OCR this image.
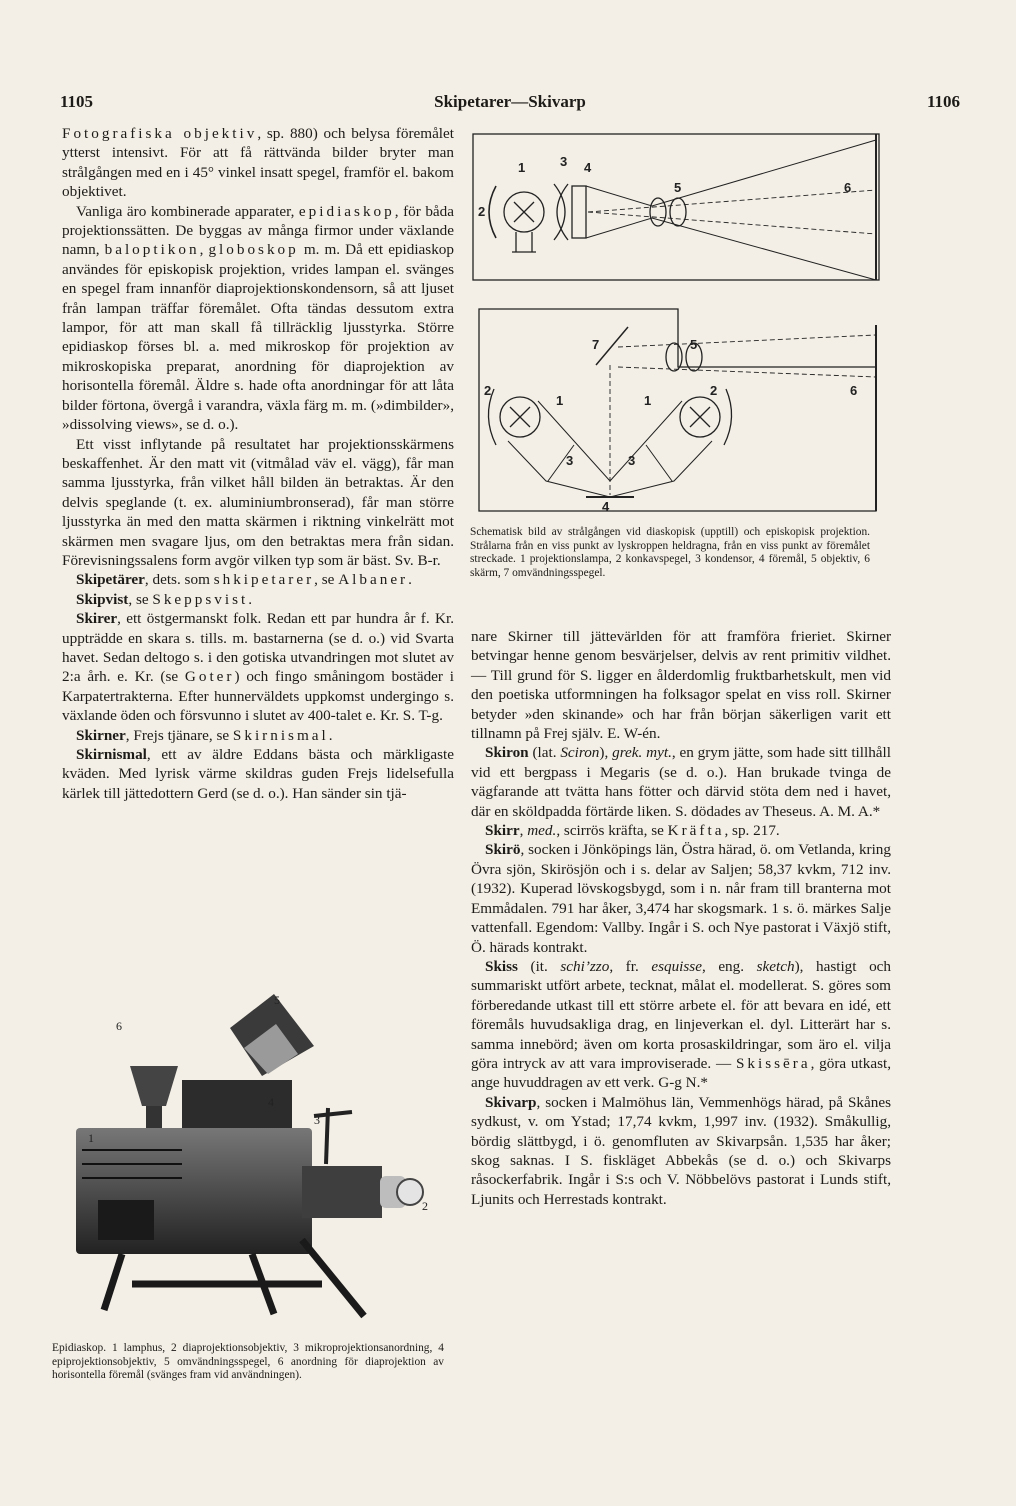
1105	Skipetarer—Skivarp	1106

Fotografiska objektiv, sp. 880) och belysa föremålet ytterst intensivt. För att få rättvända bilder bryter man strålgången med en i 45° vinkel insatt spegel, framför el. bakom objektivet.

Vanliga äro kombinerade apparater, epidiaskop, för båda projektionssätten. De byggas av många firmor under växlande namn, baloptikon, globoskop m. m. Då ett epidiaskop användes för episkopisk projektion, vrides lampan el. svänges en spegel fram innanför diaprojektionskondensorn, så att ljuset från lampan träffar föremålet. Ofta tändas dessutom extra lampor, för att man skall få tillräcklig ljusstyrka. Större epidiaskop förses bl. a. med mikroskop för projektion av mikroskopiska preparat, anordning för diaprojektion av horisontella föremål. Äldre s. hade ofta anordningar för att låta bilder förtona, övergå i varandra, växla färg m. m. (»dimbilder», »dissolving views», se d. o.).

Ett visst inflytande på resultatet har projektionsskärmens beskaffenhet. Är den matt vit (vitmålad väv el. vägg), får man samma ljusstyrka, från vilket håll bilden än betraktas. Är den delvis speglande (t. ex. aluminiumbronserad), får man större ljusstyrka än med den matta skärmen i riktning vinkelrätt mot skärmen men svagare ljus, om den betraktas mera från sidan. Förevisningssalens form avgör vilken typ som är bäst. Sv. B-r.

Skipetärer, dets. som shkipetarer, se Albaner.

Skipvist, se Skeppsvist.

Skirer, ett östgermanskt folk. Redan ett par hundra år f. Kr. uppträdde en skara s. tills. m. bastarnerna (se d. o.) vid Svarta havet. Sedan deltogo s. i den gotiska utvandringen mot slutet av 2:a årh. e. Kr. (se Goter) och fingo småningom bostäder i Karpatertrakterna. Efter hunnerväldets uppkomst undergingo s. växlande öden och försvunno i slutet av 400-talet e. Kr. S. T-g.

Skirner, Frejs tjänare, se Skirnismal.

Skirnismal, ett av äldre Eddans bästa och märkligaste kväden. Med lyrisk värme skildras guden Frejs lidelsefulla kärlek till jättedottern Gerd (se d. o.). Han sänder sin tjä-

1	3 4
2
5	6
5
7
2
1	1
2	6
3	3
4
Schematisk bild av strålgången vid diaskopisk (upptill) och episkopisk projektion. Strålarna från en viss punkt av lyskroppen heldragna, från en viss punkt av föremålet streckade. 1 projektionslampa, 2 konkavspegel, 3 kondensor, 4 föremål, 5 objektiv, 6 skärm, 7 omvändningsspegel.

nare Skirner till jättevärlden för att framföra frieriet. Skirner betvingar henne genom besvärjelser, delvis av rent primitiv vildhet. — Till grund för S. ligger en ålderdomlig fruktbarhetskult, men vid den poetiska utformningen ha folksagor spelat en viss roll. Skirner betyder »den skinande» och har från början säkerligen varit ett tillnamn på Frej själv. E. W-én.

Skiron (lat. Sciron), grek. myt., en grym jätte, som hade sitt tillhåll vid ett bergpass i Megaris (se d. o.). Han brukade tvinga de vägfarande att tvätta hans fötter och därvid stöta dem ned i havet, där en sköldpadda förtärde liken. S. dödades av Theseus. A. M. A.*

Skirr, med., scirrös kräfta, se Kräfta, sp. 217.

Skirö, socken i Jönköpings län, Östra härad, ö. om Vetlanda, kring Övra sjön, Skirösjön och i s. delar av Saljen; 58,37 kvkm, 712 inv. (1932). Kuperad lövskogsbygd, som i n. når fram till branterna mot Emmådalen. 791 har åker, 3,474 har skogsmark. 1 s. ö. märkes Salje vattenfall. Egendom: Vallby. Ingår i S. och Nye pastorat i Växjö stift, Ö. härads kontrakt.

Skiss (it. schi’zzo, fr. esquisse, eng. sketch), hastigt och summariskt utfört arbete, tecknat, målat el. modellerat. S. göres som förberedande utkast till ett större arbete el. för att bevara en idé, ett föremåls huvudsakliga drag, en linjeverkan el. dyl. Litterärt har s. samma innebörd; även om korta prosaskildringar, som äro el. vilja göra intryck av att vara improviserade. — Skissēra, göra utkast, ange huvuddragen av ett verk. G-g N.*

Skivarp, socken i Malmöhus län, Vemmenhögs härad, på Skånes sydkust, v. om Ystad; 17,74 kvkm, 1,997 inv. (1932). Småkullig, bördig slättbygd, i ö. genomfluten av Skivarpsån. 1,535 har åker; skog saknas. I S. fiskläget Abbekås (se d. o.) och Skivarps råsockerfabrik. Ingår i S:s och V. Nöbbelövs pastorat i Lunds stift, Ljunits och Herrestads kontrakt.

5
6
4
3
1
2
Epidiaskop. 1 lamphus, 2 diaprojektionsobjektiv, 3 mikroprojektionsanordning, 4 epiprojektionsobjektiv, 5 omvändningsspegel, 6 anordning för diaprojektion av horisontella föremål (svänges fram vid användningen).
